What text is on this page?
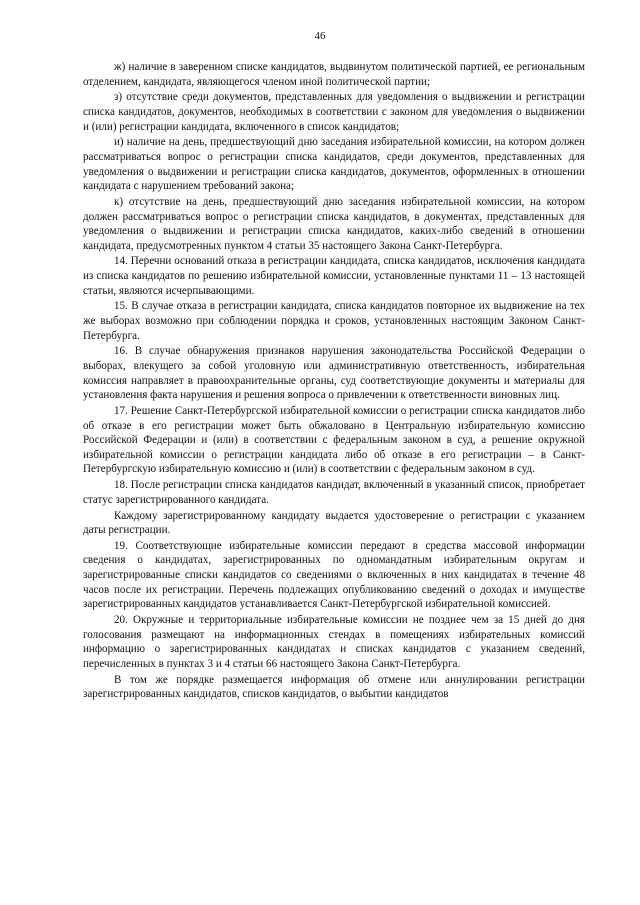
46

ж) наличие в заверенном списке кандидатов, выдвинутом политической партией, ее региональным отделением, кандидата, являющегося членом иной политической партии;

з) отсутствие среди документов, представленных для уведомления о выдвижении и регистрации списка кандидатов, документов, необходимых в соответствии с законом для уведомления о выдвижении и (или) регистрации кандидата, включенного в список кандидатов;

и) наличие на день, предшествующий дню заседания избирательной комиссии, на котором должен рассматриваться вопрос о регистрации списка кандидатов, среди документов, представленных для уведомления о выдвижении и регистрации списка кандидатов, документов, оформленных в отношении кандидата с нарушением требований закона;

к) отсутствие на день, предшествующий дню заседания избирательной комиссии, на котором должен рассматриваться вопрос о регистрации списка кандидатов, в документах, представленных для уведомления о выдвижении и регистрации списка кандидатов, каких-либо сведений в отношении кандидата, предусмотренных пунктом 4 статьи 35 настоящего Закона Санкт-Петербурга.

14. Перечни оснований отказа в регистрации кандидата, списка кандидатов, исключения кандидата из списка кандидатов по решению избирательной комиссии, установленные пунктами 11 – 13 настоящей статьи, являются исчерпывающими.

15. В случае отказа в регистрации кандидата, списка кандидатов повторное их выдвижение на тех же выборах возможно при соблюдении порядка и сроков, установленных настоящим Законом Санкт-Петербурга.

16. В случае обнаружения признаков нарушения законодательства Российской Федерации о выборах, влекущего за собой уголовную или административную ответственность, избирательная комиссия направляет в правоохранительные органы, суд соответствующие документы и материалы для установления факта нарушения и решения вопроса о привлечении к ответственности виновных лиц.

17. Решение Санкт-Петербургской избирательной комиссии о регистрации списка кандидатов либо об отказе в его регистрации может быть обжаловано в Центральную избирательную комиссию Российской Федерации и (или) в соответствии с федеральным законом в суд, а решение окружной избирательной комиссии о регистрации кандидата либо об отказе в его регистрации – в Санкт-Петербургскую избирательную комиссию и (или) в соответствии с федеральным законом в суд.

18. После регистрации списка кандидатов кандидат, включенный в указанный список, приобретает статус зарегистрированного кандидата.

Каждому зарегистрированному кандидату выдается удостоверение о регистрации с указанием даты регистрации.

19. Соответствующие избирательные комиссии передают в средства массовой информации сведения о кандидатах, зарегистрированных по одномандатным избирательным округам и зарегистрированные списки кандидатов со сведениями о включенных в них кандидатах в течение 48 часов после их регистрации. Перечень подлежащих опубликованию сведений о доходах и имуществе зарегистрированных кандидатов устанавливается Санкт-Петербургской избирательной комиссией.

20. Окружные и территориальные избирательные комиссии не позднее чем за 15 дней до дня голосования размещают на информационных стендах в помещениях избирательных комиссий информацию о зарегистрированных кандидатах и списках кандидатов с указанием сведений, перечисленных в пунктах 3 и 4 статьи 66 настоящего Закона Санкт-Петербурга.

В том же порядке размещается информация об отмене или аннулировании регистрации зарегистрированных кандидатов, списков кандидатов, о выбытии кандидатов
